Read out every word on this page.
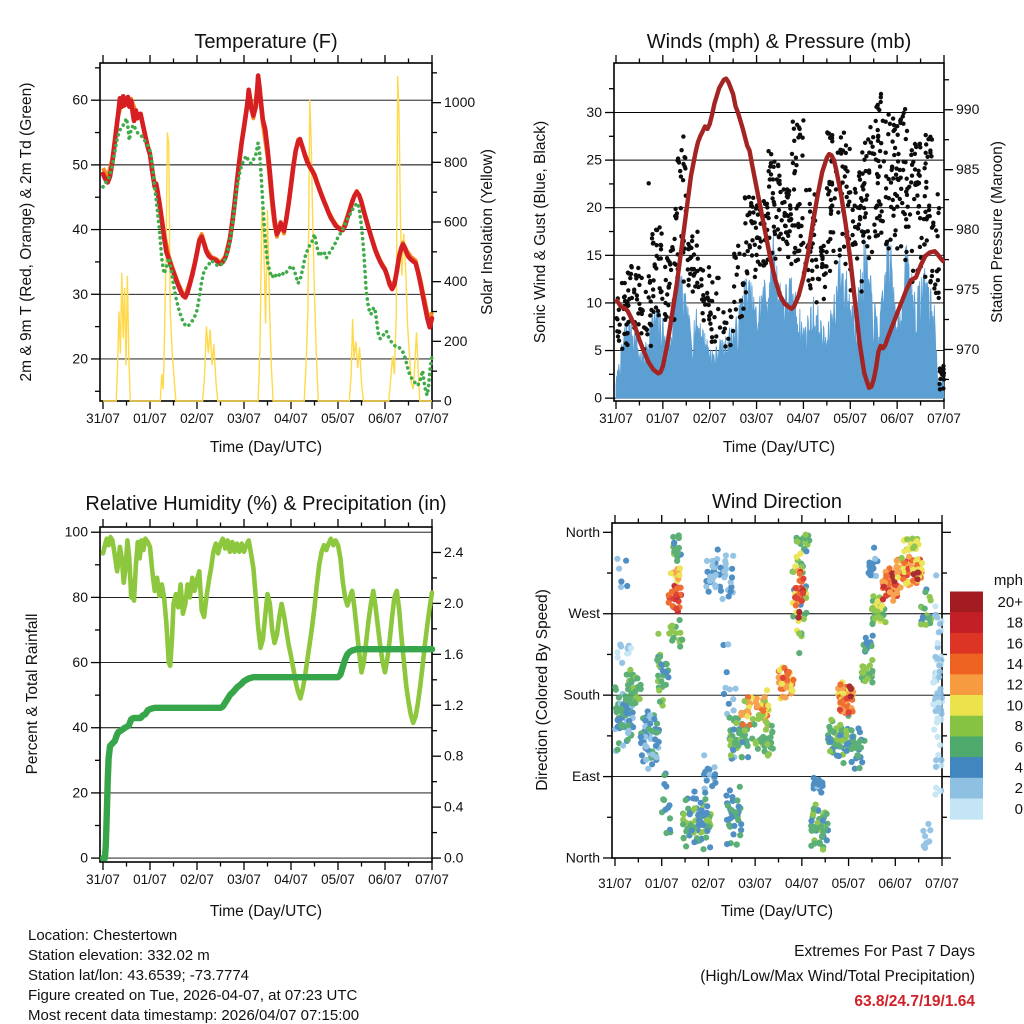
31/07 01/07 02/07 03/07 04/07 05/07 06/07 07/07
20
30
40
50
60
0
200
400
600
800
1000
Temperature (F)
Time (Day/UTC)
2m & 9m T (Red, Orange) & 2m Td (Green)	Solar Insolation (Yellow)
31/07 01/07 02/07 03/07 04/07 05/07 06/07 07/07
0
5
10
15
20
25
30
970
975
980
985
990
Winds (mph) & Pressure (mb)
Time (Day/UTC)
Sonic Wind & Gust (Blue, Black)	Station Pressure (Maroon)
31/07 01/07 02/07 03/07 04/07 05/07 06/07 07/07
0
20
40
60
80
100
0.0
0.4
0.8
1.2
1.6
2.0
2.4
Relative Humidity (%) & Precipitation (in)
Time (Day/UTC)
Percent & Total Rainfall
31/07 01/07 02/07 03/07 04/07 05/07 06/07 07/07
North
East
South
West
North
Wind Direction
Time (Day/UTC)
Direction (Colored By Speed)
mph
20+
18
16
14
12
10
8
6
4
2
0
Location: Chestertown
Station elevation: 332.02 m
Station lat/lon: 43.6539; -73.7774
Figure created on Tue, 2026-04-07, at 07:23 UTC
Most recent data timestamp: 2026/04/07 07:15:00
Extremes For Past 7 Days
(High/Low/Max Wind/Total Precipitation)
63.8/24.7/19/1.64
